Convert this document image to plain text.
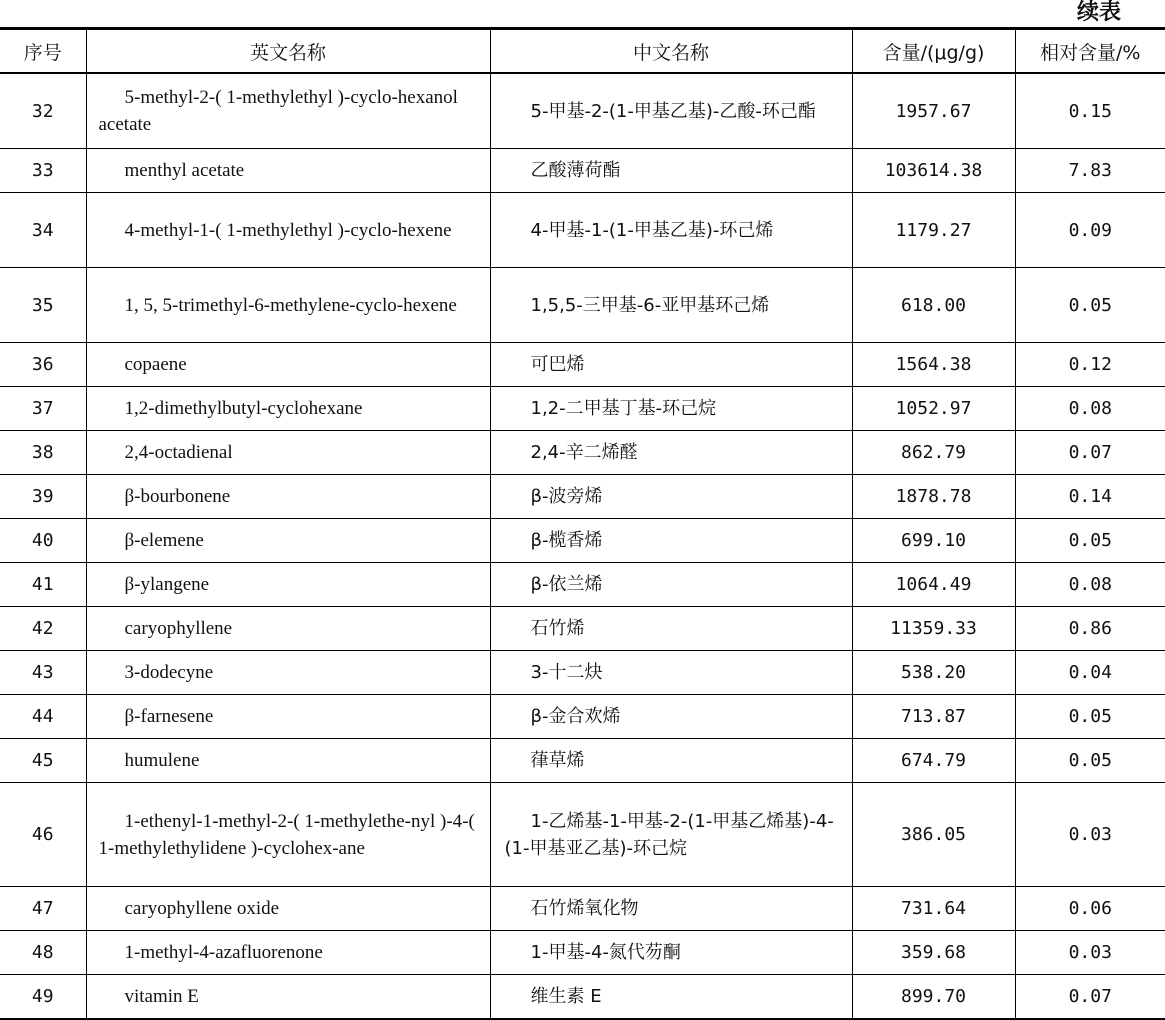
续表
序号	英文名称	中文名称	含量/(μg/g)	相对含量/%
32	5-methyl-2-( 1-methylethyl )-cyclo-hexanol acetate	5-甲基-2-(1-甲基乙基)-乙酸-环己酯	1957.67	0.15
33	menthyl acetate	乙酸薄荷酯	103614.38	7.83
34	4-methyl-1-( 1-methylethyl )-cyclo-hexene	4-甲基-1-(1-甲基乙基)-环己烯	1179.27	0.09
35	1, 5, 5-trimethyl-6-methylene-cyclo-hexene	1,5,5-三甲基-6-亚甲基环己烯	618.00	0.05
36	copaene	可巴烯	1564.38	0.12
37	1,2-dimethylbutyl-cyclohexane	1,2-二甲基丁基-环己烷	1052.97	0.08
38	2,4-octadienal	2,4-辛二烯醛	862.79	0.07
39	β-bourbonene	β-波旁烯	1878.78	0.14
40	β-elemene	β-榄香烯	699.10	0.05
41	β-ylangene	β-依兰烯	1064.49	0.08
42	caryophyllene	石竹烯	11359.33	0.86
43	3-dodecyne	3-十二炔	538.20	0.04
44	β-farnesene	β-金合欢烯	713.87	0.05
45	humulene	葎草烯	674.79	0.05
46	1-ethenyl-1-methyl-2-( 1-methylethe-nyl )-4-( 1-methylethylidene )-cyclohex-ane	1-乙烯基-1-甲基-2-(1-甲基乙烯基)-4-(1-甲基亚乙基)-环己烷	386.05	0.03
47	caryophyllene oxide	石竹烯氧化物	731.64	0.06
48	1-methyl-4-azafluorenone	1-甲基-4-氮代芴酮	359.68	0.03
49	vitamin E	维生素 E	899.70	0.07
